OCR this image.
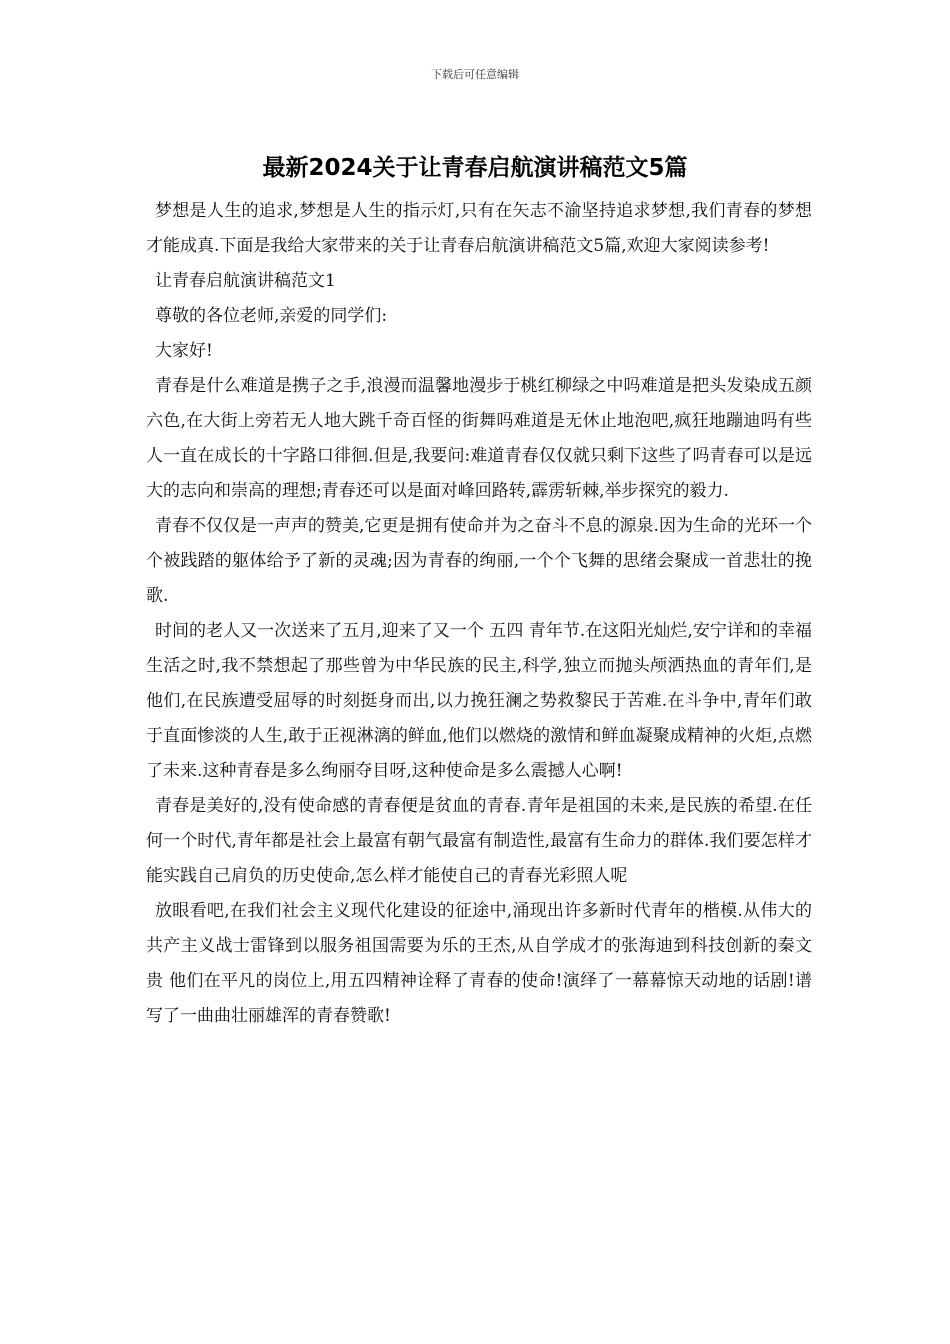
下载后可任意编辑
最新2024关于让青春启航演讲稿范文5篇

梦想是人生的追求,梦想是人生的指示灯,只有在矢志不渝坚持追求梦想,我们青春的梦想才能成真.下面是我给大家带来的关于让青春启航演讲稿范文5篇,欢迎大家阅读参考!

让青春启航演讲稿范文1

尊敬的各位老师,亲爱的同学们:

大家好!

青春是什么难道是携子之手,浪漫而温馨地漫步于桃红柳绿之中吗难道是把头发染成五颜六色,在大街上旁若无人地大跳千奇百怪的街舞吗难道是无休止地泡吧,疯狂地蹦迪吗有些人一直在成长的十字路口徘徊.但是,我要问:难道青春仅仅就只剩下这些了吗青春可以是远大的志向和崇高的理想;青春还可以是面对峰回路转,霹雳斩棘,举步探究的毅力.

青春不仅仅是一声声的赞美,它更是拥有使命并为之奋斗不息的源泉.因为生命的光环一个个被践踏的躯体给予了新的灵魂;因为青春的绚丽,一个个飞舞的思绪会聚成一首悲壮的挽歌.

时间的老人又一次送来了五月,迎来了又一个 五四 青年节.在这阳光灿烂,安宁详和的幸福生活之时,我不禁想起了那些曾为中华民族的民主,科学,独立而抛头颅洒热血的青年们,是他们,在民族遭受屈辱的时刻挺身而出,以力挽狂澜之势救黎民于苦难.在斗争中,青年们敢于直面惨淡的人生,敢于正视淋漓的鲜血,他们以燃烧的激情和鲜血凝聚成精神的火炬,点燃了未来.这种青春是多么绚丽夺目呀,这种使命是多么震撼人心啊!

青春是美好的,没有使命感的青春便是贫血的青春.青年是祖国的未来,是民族的希望.在任何一个时代,青年都是社会上最富有朝气最富有制造性,最富有生命力的群体.我们要怎样才能实践自己肩负的历史使命,怎么样才能使自己的青春光彩照人呢

放眼看吧,在我们社会主义现代化建设的征途中,涌现出许多新时代青年的楷模.从伟大的共产主义战士雷锋到以服务祖国需要为乐的王杰,从自学成才的张海迪到科技创新的秦文贵 他们在平凡的岗位上,用五四精神诠释了青春的使命!演绎了一幕幕惊天动地的话剧!谱写了一曲曲壮丽雄浑的青春赞歌!
